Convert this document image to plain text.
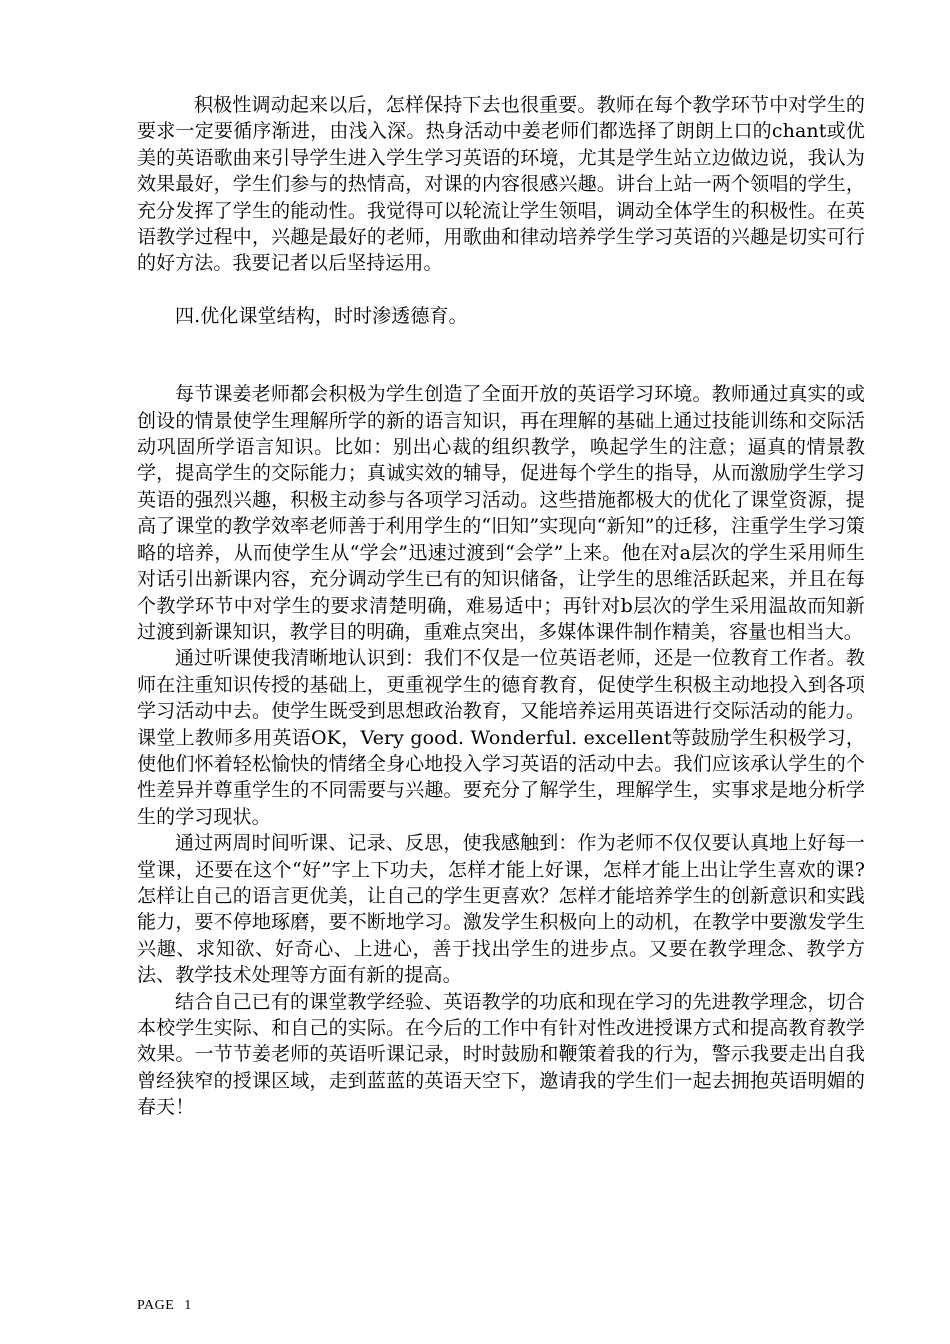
积极性调动起来以后，怎样保持下去也很重要。教师在每个教学环节中对学生的要求一定要循序渐进，由浅入深。热身活动中姜老师们都选择了朗朗上口的chant或优美的英语歌曲来引导学生进入学生学习英语的环境，尤其是学生站立边做边说，我认为效果最好，学生们参与的热情高，对课的内容很感兴趣。讲台上站一两个领唱的学生，充分发挥了学生的能动性。我觉得可以轮流让学生领唱，调动全体学生的积极性。在英语教学过程中，兴趣是最好的老师，用歌曲和律动培养学生学习英语的兴趣是切实可行的好方法。我要记者以后坚持运用。

四.优化课堂结构，时时渗透德育。

每节课姜老师都会积极为学生创造了全面开放的英语学习环境。教师通过真实的或创设的情景使学生理解所学的新的语言知识，再在理解的基础上通过技能训练和交际活动巩固所学语言知识。比如：别出心裁的组织教学，唤起学生的注意；逼真的情景教学，提高学生的交际能力；真诚实效的辅导，促进每个学生的指导，从而激励学生学习英语的强烈兴趣，积极主动参与各项学习活动。这些措施都极大的优化了课堂资源，提高了课堂的教学效率老师善于利用学生的“旧知”实现向“新知”的迁移，注重学生学习策略的培养，从而使学生从“学会”迅速过渡到“会学”上来。他在对a层次的学生采用师生对话引出新课内容，充分调动学生已有的知识储备，让学生的思维活跃起来，并且在每个教学环节中对学生的要求清楚明确，难易适中；再针对b层次的学生采用温故而知新过渡到新课知识，教学目的明确，重难点突出，多媒体课件制作精美，容量也相当大。

通过听课使我清晰地认识到：我们不仅是一位英语老师，还是一位教育工作者。教师在注重知识传授的基础上，更重视学生的德育教育，促使学生积极主动地投入到各项学习活动中去。使学生既受到思想政治教育，又能培养运用英语进行交际活动的能力。课堂上教师多用英语OK，Very good. Wonderful. excellent等鼓励学生积极学习，使他们怀着轻松愉快的情绪全身心地投入学习英语的活动中去。我们应该承认学生的个性差异并尊重学生的不同需要与兴趣。要充分了解学生，理解学生，实事求是地分析学生的学习现状。

通过两周时间听课、记录、反思，使我感触到：作为老师不仅仅要认真地上好每一堂课，还要在这个“好”字上下功夫，怎样才能上好课，怎样才能上出让学生喜欢的课?怎样让自己的语言更优美，让自己的学生更喜欢？怎样才能培养学生的创新意识和实践能力，要不停地琢磨，要不断地学习。激发学生积极向上的动机，在教学中要激发学生兴趣、求知欲、好奇心、上进心，善于找出学生的进步点。又要在教学理念、教学方法、教学技术处理等方面有新的提高。

结合自己已有的课堂教学经验、英语教学的功底和现在学习的先进教学理念，切合本校学生实际、和自己的实际。在今后的工作中有针对性改进授课方式和提高教育教学效果。一节节姜老师的英语听课记录，时时鼓励和鞭策着我的行为，警示我要走出自我曾经狭窄的授课区域，走到蓝蓝的英语天空下，邀请我的学生们一起去拥抱英语明媚的春天！

PAGE 1
